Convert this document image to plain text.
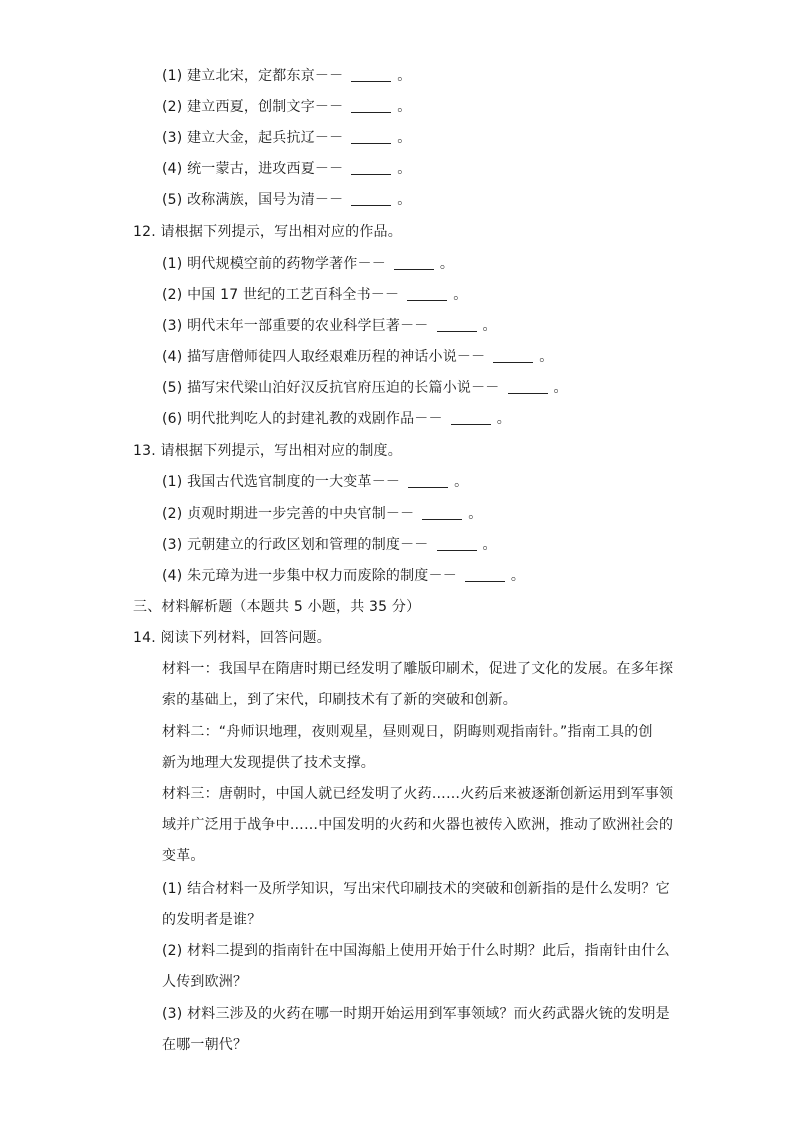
(1) 建立北宋，定都东京－－	。
(2) 建立西夏，创制文字－－	。
(3) 建立大金，起兵抗辽－－	。
(4) 统一蒙古，进攻西夏－－	。
(5) 改称满族，国号为清－－	。
12. 请根据下列提示，写出相对应的作品。
(1) 明代规模空前的药物学著作－－	。
(2) 中国 17 世纪的工艺百科全书－－	。
(3) 明代末年一部重要的农业科学巨著－－	。
(4) 描写唐僧师徒四人取经艰难历程的神话小说－－	。
(5) 描写宋代梁山泊好汉反抗官府压迫的长篇小说－－	。
(6) 明代批判吃人的封建礼教的戏剧作品－－	。
13. 请根据下列提示，写出相对应的制度。
(1) 我国古代选官制度的一大变革－－	。
(2) 贞观时期进一步完善的中央官制－－	。
(3) 元朝建立的行政区划和管理的制度－－	。
(4) 朱元璋为进一步集中权力而废除的制度－－	。
三、材料解析题（本题共 5 小题，共 35 分）
14. 阅读下列材料，回答问题。
材料一：我国早在隋唐时期已经发明了雕版印刷术，促进了文化的发展。在多年探
索的基础上，到了宋代，印刷技术有了新的突破和创新。
材料二：“舟师识地理，夜则观星，昼则观日，阴晦则观指南针。”指南工具的创
新为地理大发现提供了技术支撑。
材料三：唐朝时，中国人就已经发明了火药……火药后来被逐渐创新运用到军事领
域并广泛用于战争中……中国发明的火药和火器也被传入欧洲，推动了欧洲社会的
变革。
(1) 结合材料一及所学知识，写出宋代印刷技术的突破和创新指的是什么发明？它
的发明者是谁？
(2) 材料二提到的指南针在中国海船上使用开始于什么时期？此后，指南针由什么
人传到欧洲？
(3) 材料三涉及的火药在哪一时期开始运用到军事领域？而火药武器火铳的发明是
在哪一朝代？
